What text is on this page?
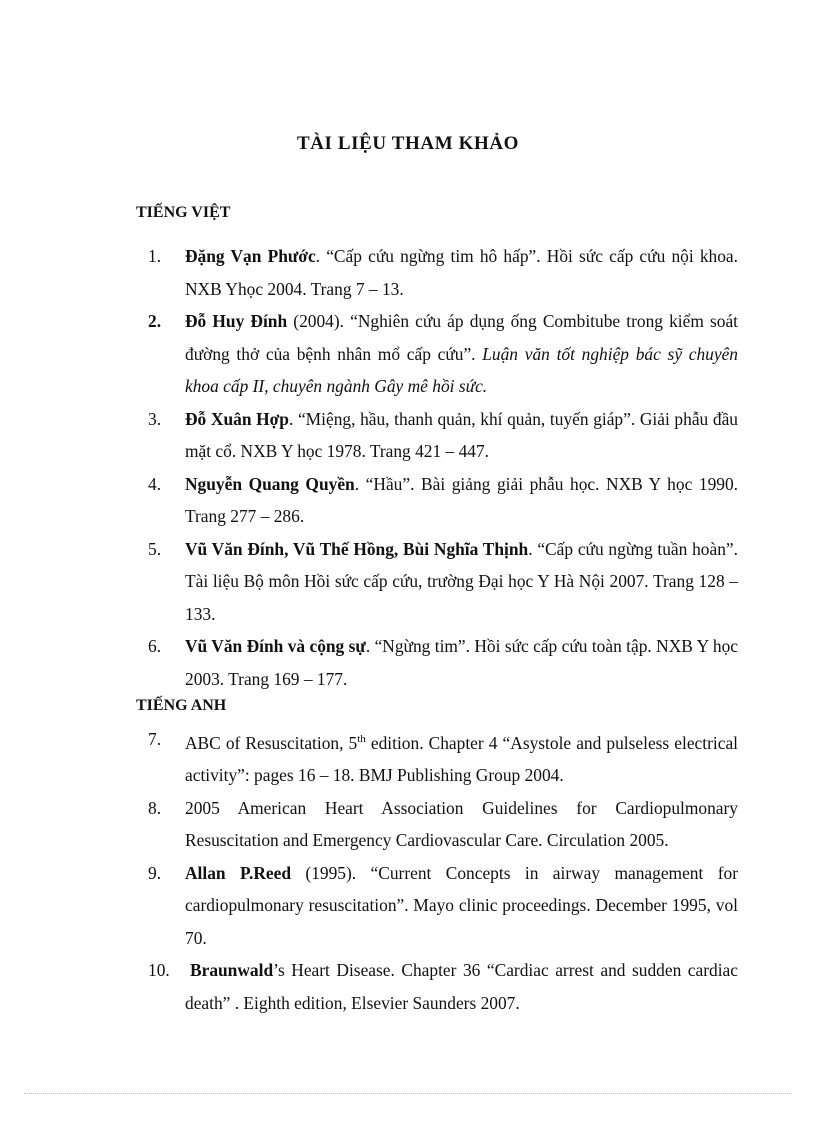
TÀI LIỆU THAM KHẢO
TIẾNG VIỆT
1. Đặng Vạn Phước. “Cấp cứu ngừng tim hô hấp”. Hồi sức cấp cứu nội khoa. NXB Yhọc 2004. Trang 7 – 13.
2. Đỗ Huy Đính (2004). “Nghiên cứu áp dụng ống Combitube trong kiểm soát đường thở của bệnh nhân mổ cấp cứu”. Luận văn tốt nghiệp bác sỹ chuyên khoa cấp II, chuyên ngành Gây mê hồi sức.
3. Đỗ Xuân Hợp. “Miệng, hầu, thanh quản, khí quản, tuyến giáp”. Giải phẫu đầu mặt cổ. NXB Y học 1978. Trang 421 – 447.
4. Nguyễn Quang Quyền. “Hầu”. Bài giảng giải phẫu học. NXB Y học 1990. Trang 277 – 286.
5. Vũ Văn Đính, Vũ Thế Hồng, Bùi Nghĩa Thịnh. “Cấp cứu ngừng tuần hoàn”. Tài liệu Bộ môn Hồi sức cấp cứu, trường Đại học Y Hà Nội 2007. Trang 128 – 133.
6. Vũ Văn Đính và cộng sự. “Ngừng tim”. Hồi sức cấp cứu toàn tập. NXB Y học 2003. Trang 169 – 177.
TIẾNG ANH
7. ABC of Resuscitation, 5th edition. Chapter 4 “Asystole and pulseless electrical activity”: pages 16 – 18. BMJ Publishing Group 2004.
8. 2005 American Heart Association Guidelines for Cardiopulmonary Resuscitation and Emergency Cardiovascular Care. Circulation 2005.
9. Allan P.Reed (1995). “Current Concepts in airway management for cardiopulmonary resuscitation”. Mayo clinic proceedings. December 1995, vol 70.
10. Braunwald’s Heart Disease. Chapter 36 “Cardiac arrest and sudden cardiac death” . Eighth edition, Elsevier Saunders 2007.
